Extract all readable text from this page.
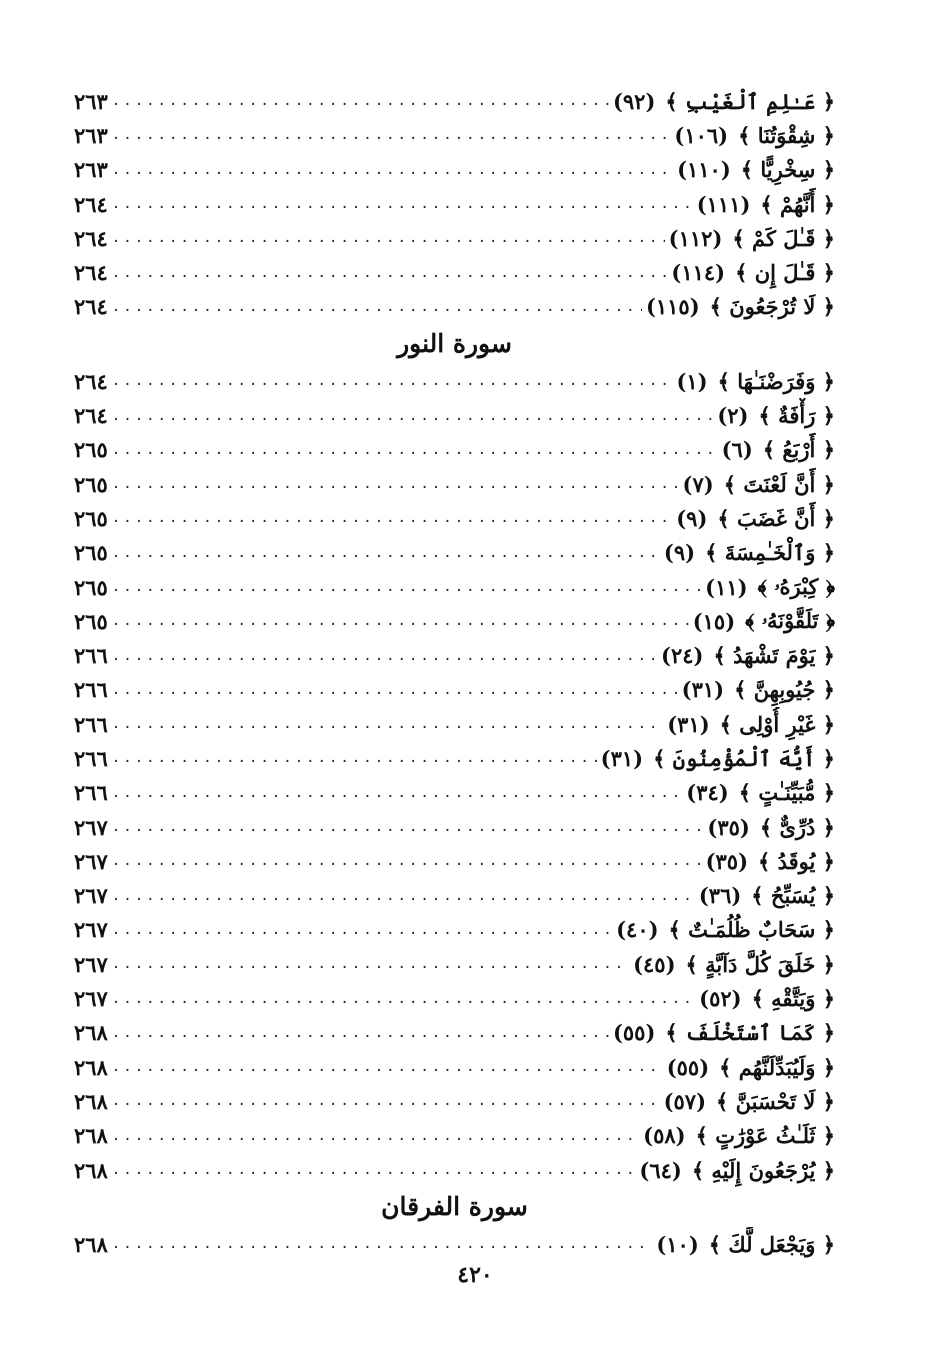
﴿ عَـٰلِمِ ٱلْغَيْبِ ﴾
(٩٢)
.....
٢٦٣
﴿ شِقْوَتُنَا ﴾
(١٠٦)
.....
٢٦٣
﴿ سِخْرِيًّا ﴾
(١١٠)
.....
٢٦٣
﴿ أَنَّهُمْ ﴾
(١١١)
.....
٢٦٤
﴿ قَـٰلَ كَمْ ﴾
(١١٢)
.....
٢٦٤
﴿ قَـٰلَ إِن ﴾
(١١٤)
.....
٢٦٤
﴿ لَا تُرْجَعُونَ ﴾
(١١٥)
.....
٢٦٤
سورة النور
﴿ وَفَرَضْنَـٰهَا ﴾
(١)
.....
٢٦٤
﴿ رَأْفَةٌ ﴾
(٢)
.....
٢٦٤
﴿ أَرْبَعُ ﴾
(٦)
.....
٢٦٥
﴿ أَنَّ لَعْنَتَ ﴾
(٧)
.....
٢٦٥
﴿ أَنَّ غَضَبَ ﴾
(٩)
.....
٢٦٥
﴿ وَٱلْخَـٰمِسَةَ ﴾
(٩)
.....
٢٦٥
﴿ كِبْرَهُۥ ﴾
(١١)
.....
٢٦٥
﴿ تَلَقَّوْنَهُۥ ﴾
(١٥)
.....
٢٦٥
﴿ يَوْمَ تَشْهَدُ ﴾
(٢٤)
.....
٢٦٦
﴿ جُيُوبِهِنَّ ﴾
(٣١)
.....
٢٦٦
﴿ غَيْرِ أُوْلِى ﴾
(٣١)
.....
٢٦٦
﴿ أَيُّهَ ٱلْمُؤْمِنُونَ ﴾
(٣١)
.....
٢٦٦
﴿ مُّبَيِّنَـٰتٍ ﴾
(٣٤)
.....
٢٦٦
﴿ دُرِّىٌّ ﴾
(٣٥)
.....
٢٦٧
﴿ يُوقَدُ ﴾
(٣٥)
.....
٢٦٧
﴿ يُسَبِّحُ ﴾
(٣٦)
.....
٢٦٧
﴿ سَحَابٌ ظُلُمَـٰتٌ ﴾
(٤٠)
.....
٢٦٧
﴿ خَلَقَ كُلَّ دَآبَّةٍ ﴾
(٤٥)
.....
٢٦٧
﴿ وَيَتَّقْهِ ﴾
(٥٢)
.....
٢٦٧
﴿ كَمَا ٱسْتَخْلَفَ ﴾
(٥٥)
.....
٢٦٨
﴿ وَلَيُبَدِّلَنَّهُم ﴾
(٥٥)
.....
٢٦٨
﴿ لَا تَحْسَبَنَّ ﴾
(٥٧)
.....
٢٦٨
﴿ ثَلَـٰثُ عَوْرَٰتٍ ﴾
(٥٨)
.....
٢٦٨
﴿ يُرْجَعُونَ إِلَيْهِ ﴾
(٦٤)
.....
٢٦٨
سورة الفرقان
﴿ وَيَجْعَل لَّكَ ﴾
(١٠)
.....
٢٦٨
٤٢٠
